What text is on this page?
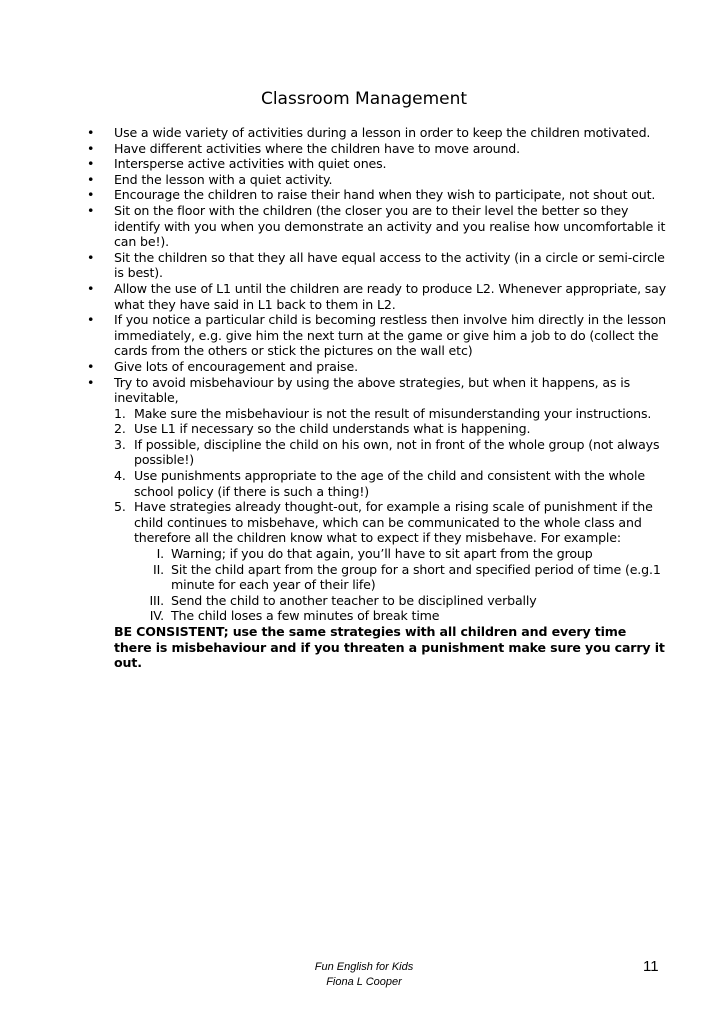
Classroom Management
• Use a wide variety of activities during a lesson in order to keep the children motivated.
• Have different activities where the children have to move around.
• Intersperse active activities with quiet ones.
• End the lesson with a quiet activity.
• Encourage the children to raise their hand when they wish to participate, not shout out.
• Sit on the floor with the children (the closer you are to their level the better so they identify with you when you demonstrate an activity and you realise how uncomfortable it can be!).
• Sit the children so that they all have equal access to the activity (in a circle or semi-circle is best).
• Allow the use of L1 until the children are ready to produce L2. Whenever appropriate, say what they have said in L1 back to them in L2.
• If you notice a particular child is becoming restless then involve him directly in the lesson immediately, e.g. give him the next turn at the game or give him a job to do (collect the cards from the others or stick the pictures on the wall etc)
• Give lots of encouragement and praise.
• Try to avoid misbehaviour by using the above strategies, but when it happens, as is inevitable,
1. Make sure the misbehaviour is not the result of misunderstanding your instructions.
2. Use L1 if necessary so the child understands what is happening.
3. If possible, discipline the child on his own, not in front of the whole group (not always possible!)
4. Use punishments appropriate to the age of the child and consistent with the whole school policy (if there is such a thing!)
5. Have strategies already thought-out, for example a rising scale of punishment if the child continues to misbehave, which can be communicated to the whole class and therefore all the children know what to expect if they misbehave. For example:
I. Warning; if you do that again, you’ll have to sit apart from the group
II. Sit the child apart from the group for a short and specified period of time (e.g.1 minute for each year of their life)
III. Send the child to another teacher to be disciplined verbally
IV. The child loses a few minutes of break time
BE CONSISTENT; use the same strategies with all children and every time there is misbehaviour and if you threaten a punishment make sure you carry it out.
Fun English for Kids
Fiona L Cooper
11
